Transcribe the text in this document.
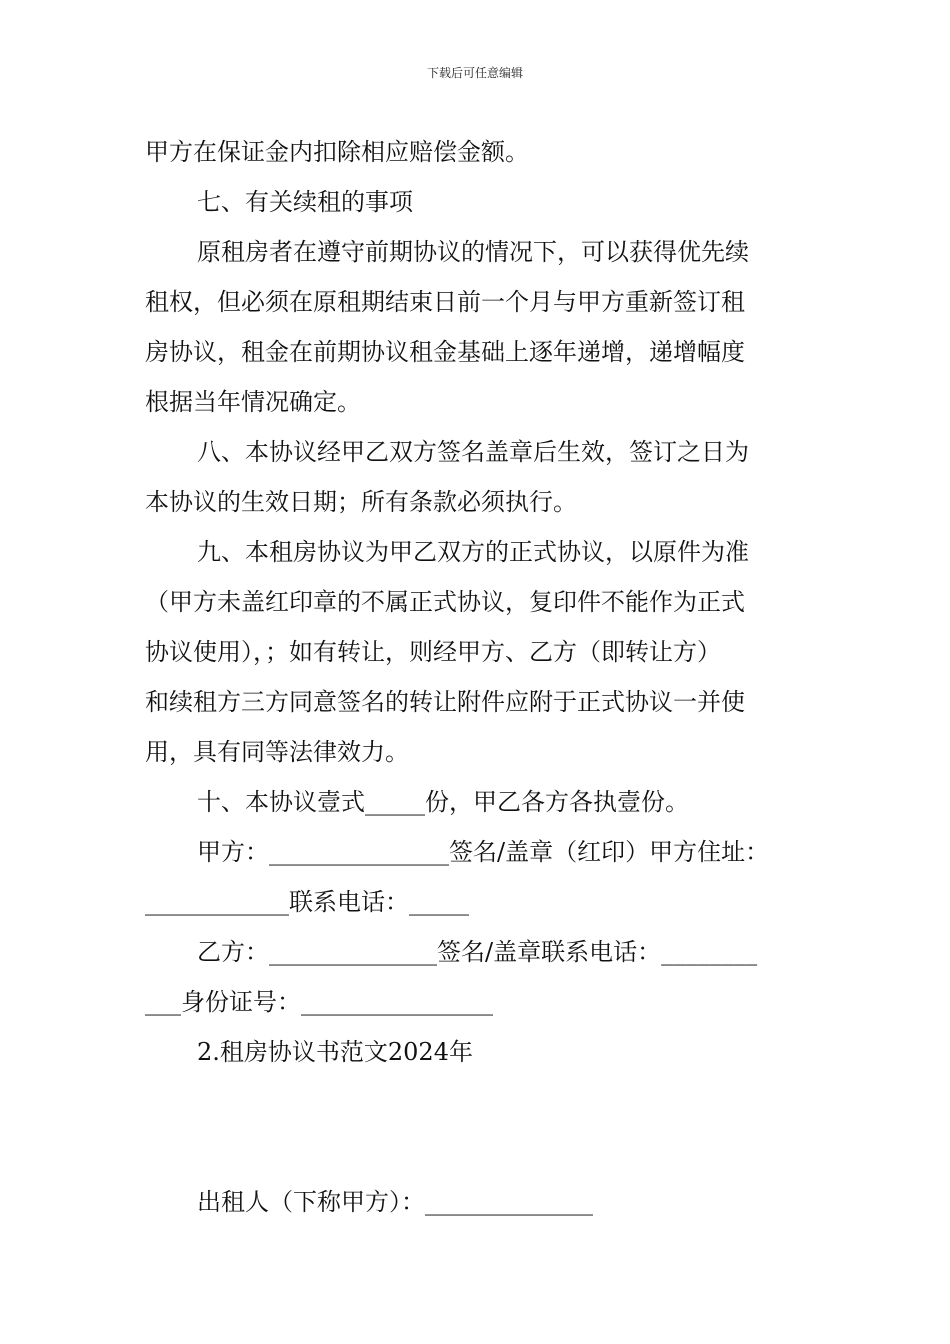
下载后可任意编辑
甲方在保证金内扣除相应赔偿金额。
七、有关续租的事项
原租房者在遵守前期协议的情况下，可以获得优先续
租权，但必须在原租期结束日前一个月与甲方重新签订租
房协议，租金在前期协议租金基础上逐年递增，递增幅度
根据当年情况确定。
八、本协议经甲乙双方签名盖章后生效，签订之日为
本协议的生效日期；所有条款必须执行。
九、本租房协议为甲乙双方的正式协议，以原件为准
（甲方未盖红印章的不属正式协议，复印件不能作为正式
协议使用），；如有转让，则经甲方、乙方（即转让方）
和续租方三方同意签名的转让附件应附于正式协议一并使
用，具有同等法律效力。
十、本协议壹式_____份，甲乙各方各执壹份。
甲方：_______________签名/盖章（红印）甲方住址：
____________联系电话：_____
乙方：______________签名/盖章联系电话：________
___身份证号：________________
2.租房协议书范文2024年
出租人（下称甲方）：______________
